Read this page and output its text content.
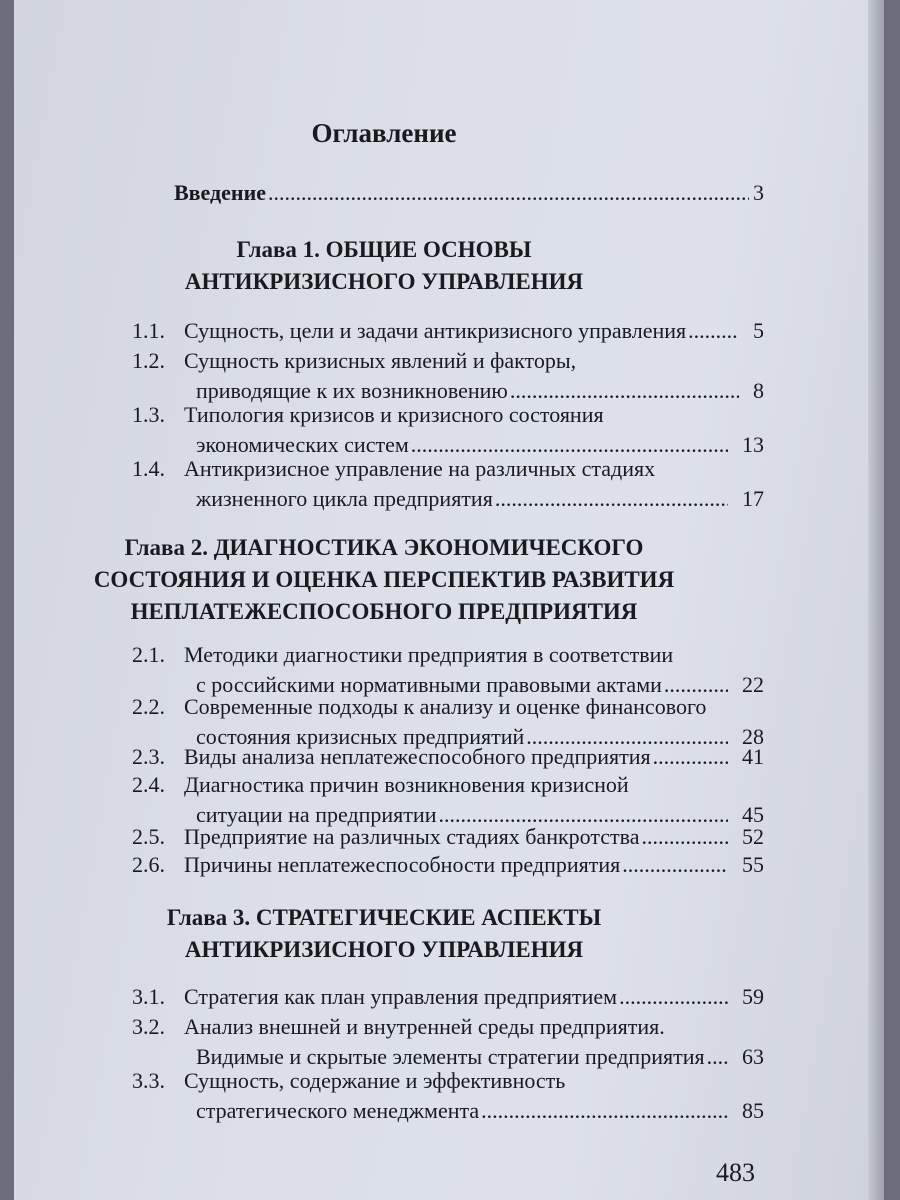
Оглавление
Введение .....	3
Глава 1. ОБЩИЕ ОСНОВЫ
АНТИКРИЗИСНОГО УПРАВЛЕНИЯ
1.1. Сущность, цели и задачи антикризисного управления .....	5
1.2. Сущность кризисных явлений и факторы,
приводящие к их возникновению .....	8
1.3. Типология кризисов и кризисного состояния
экономических систем .....	13
1.4. Антикризисное управление на различных стадиях
жизненного цикла предприятия .....	17
Глава 2. ДИАГНОСТИКА ЭКОНОМИЧЕСКОГО
СОСТОЯНИЯ И ОЦЕНКА ПЕРСПЕКТИВ РАЗВИТИЯ
НЕПЛАТЕЖЕСПОСОБНОГО ПРЕДПРИЯТИЯ
2.1. Методики диагностики предприятия в соответствии
с российскими нормативными правовыми актами .....	22
2.2. Современные подходы к анализу и оценке финансового
состояния кризисных предприятий .....	28
2.3. Виды анализа неплатежеспособного предприятия .....	41
2.4. Диагностика причин возникновения кризисной
ситуации на предприятии .....	45
2.5. Предприятие на различных стадиях банкротства .....	52
2.6. Причины неплатежеспособности предприятия .....	55
Глава 3. СТРАТЕГИЧЕСКИЕ АСПЕКТЫ
АНТИКРИЗИСНОГО УПРАВЛЕНИЯ
3.1. Стратегия как план управления предприятием .....	59
3.2. Анализ внешней и внутренней среды предприятия.
Видимые и скрытые элементы стратегии предприятия ..... 63
3.3. Сущность, содержание и эффективность
стратегического менеджмента .....	85
483
